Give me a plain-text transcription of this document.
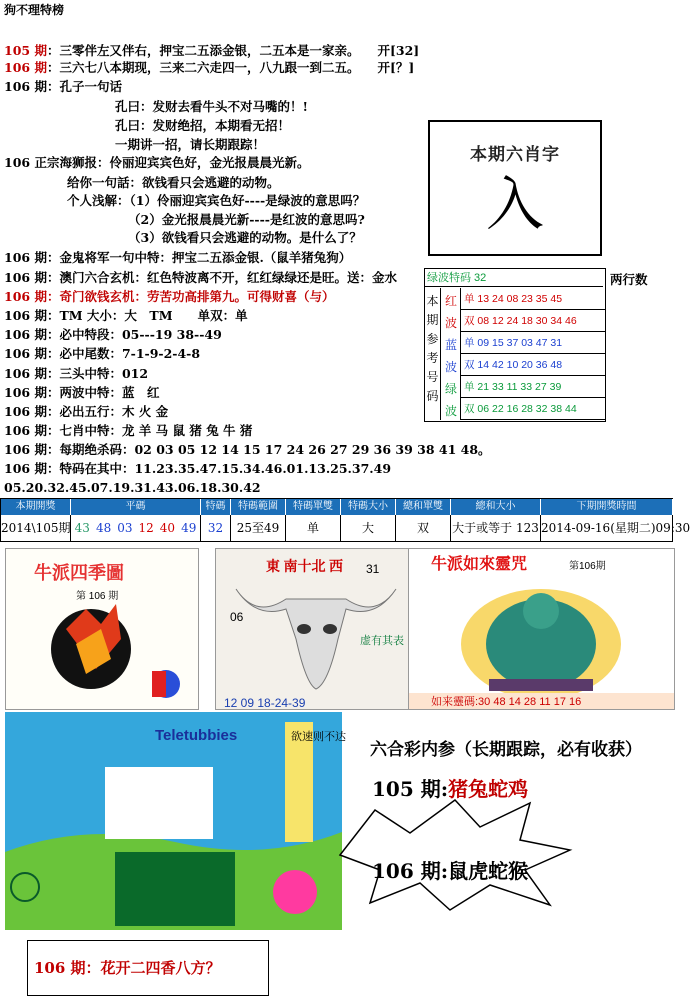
狗不理特榜
105 期：三零伴左又伴右，押宝二五添金银，二五本是一家亲。 开[32]
106 期：三六七八本期现，三来二六走四一，八九跟一到二五。 开[？]
106 期：孔子一句话
孔曰：发财去看牛头不对马嘴的！!
孔曰：发财绝招，本期看无招！
一期讲一招，请长期跟踪！
106 正宗海狮报：伶丽迎宾宾色好，金光报晨晨光新。
给你一句話：欲钱看只会逃避的动物。
个人浅解：（1）伶丽迎宾宾色好----是绿波的意思吗？
（2）金光报晨晨光新----是红波的意思吗?
（3）欲钱看只会逃避的动物。是什么了？
106 期：金鬼将军一句中特：押宝二五添金银.（鼠羊猪兔狗）
106 期：澳门六合玄机：红色特波离不开，红红绿绿还是旺。送：金水
106 期：奇门欲钱玄机：劳苦功高排第九。可得财喜（与）
106 期：TM 大小：大　TM　　单双：单
106 期：必中特段：05---19 38--49
106 期：必中尾数：7-1-9-2-4-8
106 期：三头中特：012
106 期：两波中特：蓝　红
106 期：必出五行：木 火 金
106 期：七肖中特：龙 羊 马 鼠 猪 兔 牛 猪
106 期：每期绝杀码：02 03 05 12 14 15 17 24 26 27 29 36 39 38 41 48。
106 期：特码在其中：11.23.35.47.15.34.46.01.13.25.37.49
05.20.32.45.07.19.31.43.06.18.30.42
本期六肖字
入
绿波特码 32
本
期
参
考
号
码
红
波
蓝
波
绿
波
单 13 24 08 23 35 45
双 08 12 24 18 30 34 46
单 09 15 37 03 47 31
双 14 42 10 20 36 48
单 21 33 11 33 27 39
双 06 22 16 28 32 38 44
两行数
本期開獎
2014\105期
平碼
43 48 03 12 40 49
特碼
32
特碼範圍
25至49
特碼單雙
单
特碼大小
大
總和單雙
双
總和大小
大于或等于 123
下期開獎時間
2014-09-16(星期二)09:30
牛派四季圖
第 106 期
東 南十北 西 31
06
虚有其表
12 09 18-24-39
牛派如來靈咒	第106期
如来靈碼:30 48 14 28 11 17 16
Teletubbies	欲速则不达
六合彩内参（长期跟踪，必有收获）
105 期:猪兔蛇鸡
106 期:鼠虎蛇猴
106 期：花开二四香八方？
